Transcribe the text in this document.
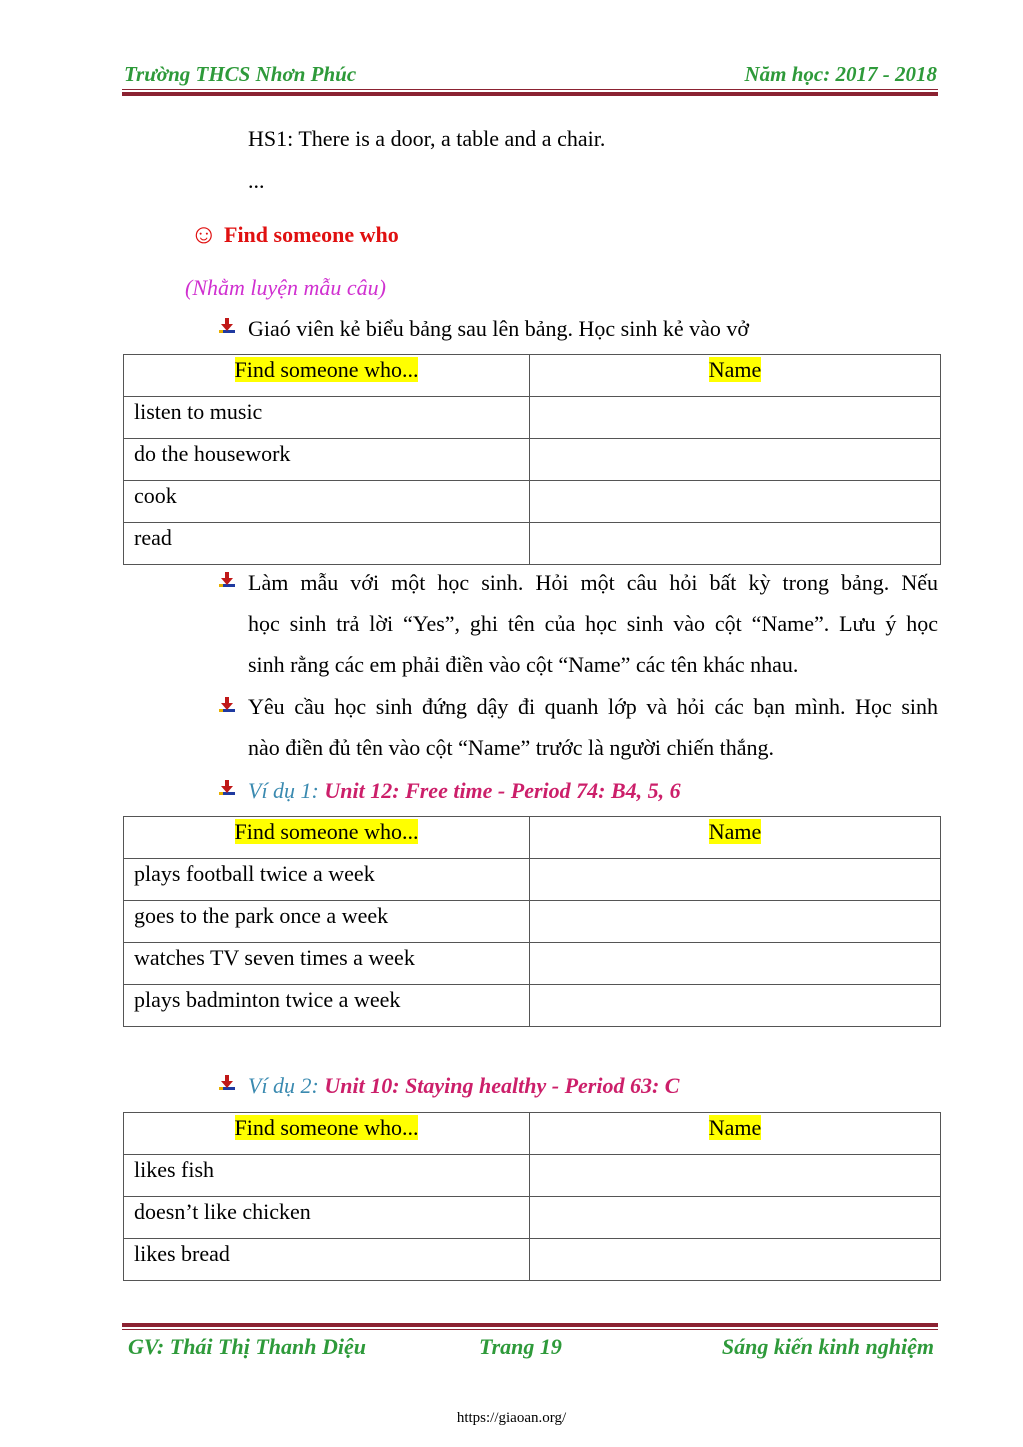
Trường THCS Nhơn Phúc	Năm học: 2017 - 2018
HS1: There is a door, a table and a chair.
...
☺ Find someone who
(Nhằm luyện mẫu câu)
Giaó viên kẻ biểu bảng sau lên bảng. Học sinh kẻ vào vở
Find someone who...	Name
listen to music	
do the housework	
cook	
read	
Làm mẫu với một học sinh. Hỏi một câu hỏi bất kỳ trong bảng. Nếu
học sinh trả lời “Yes”, ghi tên của học sinh vào cột “Name”. Lưu ý học
sinh rằng các em phải điền vào cột “Name” các tên khác nhau.
Yêu cầu học sinh đứng dậy đi quanh lớp và hỏi các bạn mình. Học sinh
nào điền đủ tên vào cột “Name” trước là người chiến thắng.
Ví dụ 1: Unit 12: Free time - Period 74: B4, 5, 6
Find someone who...	Name
plays football twice a week	
goes to the park once a week	
watches TV seven times a week	
plays badminton twice a week	
Ví dụ 2: Unit 10: Staying healthy - Period 63: C
Find someone who...	Name
likes fish	
doesn’t like chicken	
likes bread	
GV: Thái Thị Thanh Diệu	Trang 19	Sáng kiến kinh nghiệm
https://giaoan.org/
